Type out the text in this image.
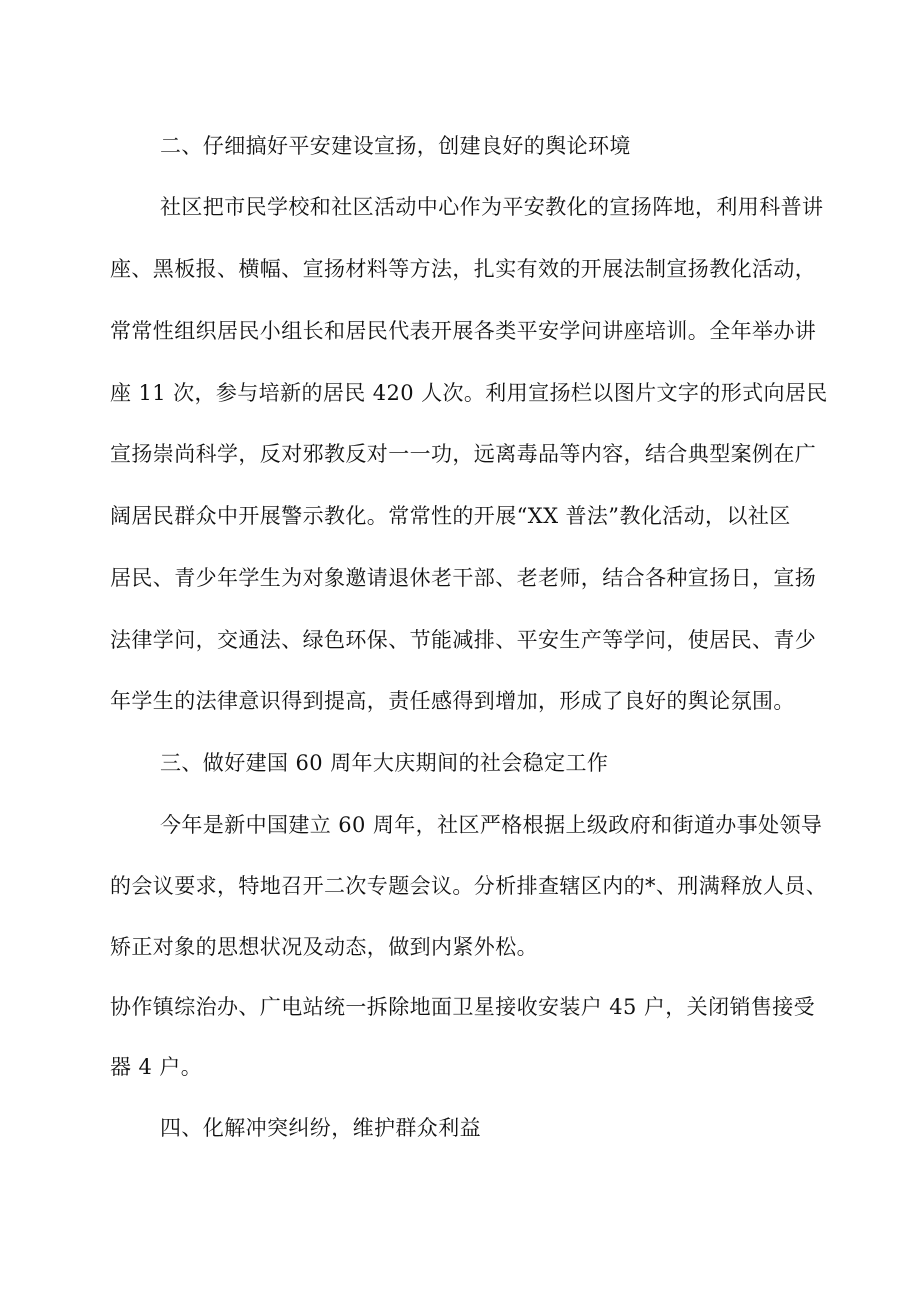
二、仔细搞好平安建设宣扬，创建良好的舆论环境
社区把市民学校和社区活动中心作为平安教化的宣扬阵地，利用科普讲
座、黑板报、横幅、宣扬材料等方法，扎实有效的开展法制宣扬教化活动，
常常性组织居民小组长和居民代表开展各类平安学问讲座培训。全年举办讲
座 11 次，参与培新的居民 420 人次。利用宣扬栏以图片文字的形式向居民
宣扬崇尚科学，反对邪教反对一一功，远离毒品等内容，结合典型案例在广
阔居民群众中开展警示教化。常常性的开展“XX 普法”教化活动，以社区
居民、青少年学生为对象邀请退休老干部、老老师，结合各种宣扬日，宣扬
法律学问，交通法、绿色环保、节能减排、平安生产等学问，使居民、青少
年学生的法律意识得到提高，责任感得到增加，形成了良好的舆论氛围。
三、做好建国 60 周年大庆期间的社会稳定工作
今年是新中国建立 60 周年，社区严格根据上级政府和街道办事处领导
的会议要求，特地召开二次专题会议。分析排查辖区内的*、刑满释放人员、
矫正对象的思想状况及动态，做到内紧外松。
协作镇综治办、广电站统一拆除地面卫星接收安装户 45 户，关闭销售接受
器 4 户。
四、化解冲突纠纷，维护群众利益
